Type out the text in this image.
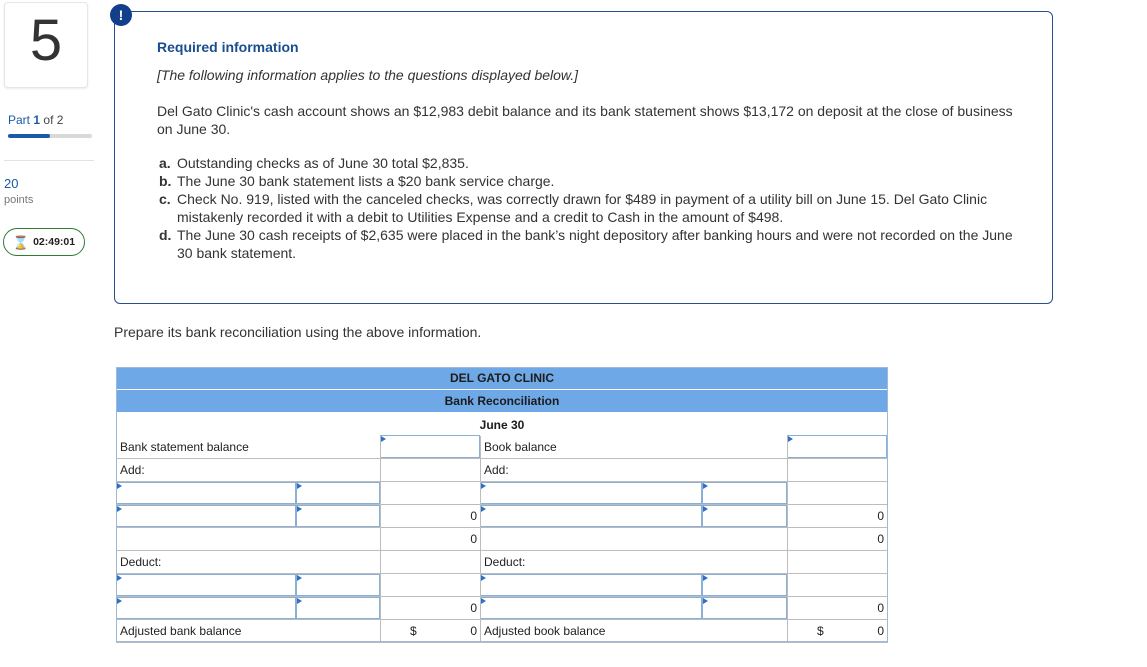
5
Part 1 of 2
20
points
⌛ 02:49:01
Required information
[The following information applies to the questions displayed below.]
Del Gato Clinic's cash account shows an $12,983 debit balance and its bank statement shows $13,172 on deposit at the close of business on June 30.
a. Outstanding checks as of June 30 total $2,835.
b. The June 30 bank statement lists a $20 bank service charge.
c. Check No. 919, listed with the canceled checks, was correctly drawn for $489 in payment of a utility bill on June 15. Del Gato Clinic mistakenly recorded it with a debit to Utilities Expense and a credit to Cash in the amount of $498.
d. The June 30 cash receipts of $2,635 were placed in the bank’s night depository after banking hours and were not recorded on the June 30 bank statement.
!
Prepare its bank reconciliation using the above information.
DEL GATO CLINIC
Bank Reconciliation
June 30
Bank statement balance	Book balance
Add:	Add:
0	0
0	0
Deduct:	Deduct:
0	0
Adjusted bank balance	$	0 Adjusted book balance	$	0
